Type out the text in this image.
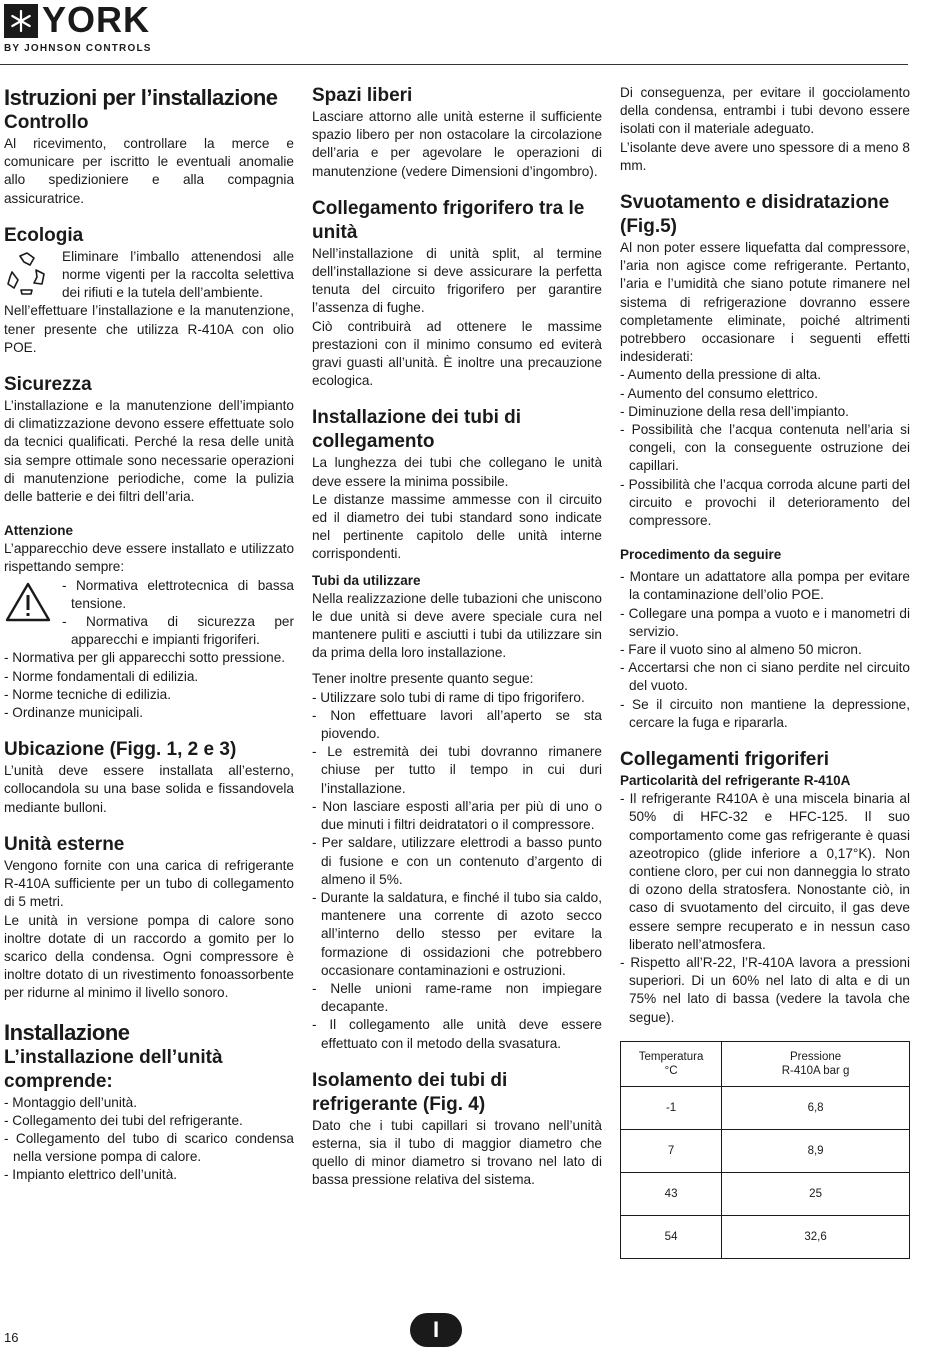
YORK
BY JOHNSON CONTROLS
Istruzioni per l’installazione
Controllo

Al ricevimento, controllare la merce e comunicare per iscritto le eventuali anomalie allo spedizioniere e alla compagnia assicuratrice.

Ecologia

Eliminare l’imballo attenendosi alle norme vigenti per la raccolta selettiva dei rifiuti e la tutela dell’ambiente.

Nell’effettuare l’installazione e la manutenzione, tener presente che utilizza R-410A con olio POE.

Sicurezza

L’installazione e la manutenzione dell’impianto di climatizzazione devono essere effettuate solo da tecnici qualificati. Perché la resa delle unità sia sempre ottimale sono necessarie operazioni di manutenzione periodiche, come la pulizia delle batterie e dei filtri dell’aria.

Attenzione

L’apparecchio deve essere installato e utilizzato rispettando sempre:

- Normativa elettrotecnica di bassa tensione.

- Normativa di sicurezza per apparecchi e impianti frigoriferi.

- Normativa per gli apparecchi sotto pressione.

- Norme fondamentali di edilizia.

- Norme tecniche di edilizia.

- Ordinanze municipali.

Ubicazione (Figg. 1, 2 e 3)

L’unità deve essere installata all’esterno, collocandola su una base solida e fissandovela mediante bulloni.

Unità esterne

Vengono fornite con una carica di refrigerante R-410A sufficiente per un tubo di collegamento di 5 metri.

Le unità in versione pompa di calore sono inoltre dotate di un raccordo a gomito per lo scarico della condensa. Ogni compressore è inoltre dotato di un rivestimento fonoassorbente per ridurne al minimo il livello sonoro.

Installazione
L’installazione dell’unità comprende:

- Montaggio dell’unità.

- Collegamento dei tubi del refrigerante.

- Collegamento del tubo di scarico condensa nella versione pompa di calore.

- Impianto elettrico dell’unità.

Spazi liberi

Lasciare attorno alle unità esterne il sufficiente spazio libero per non ostacolare la circolazione dell’aria e per agevolare le operazioni di manutenzione (vedere Dimensioni d’ingombro).

Collegamento frigorifero tra le unità

Nell’installazione di unità split, al termine dell’installazione si deve assicurare la perfetta tenuta del circuito frigorifero per garantire l’assenza di fughe.

Ciò contribuirà ad ottenere le massime prestazioni con il minimo consumo ed eviterà gravi guasti all’unità. È inoltre una precauzione ecologica.

Installazione dei tubi di collegamento

La lunghezza dei tubi che collegano le unità deve essere la minima possibile.

Le distanze massime ammesse con il circuito ed il diametro dei tubi standard sono indicate nel pertinente capitolo delle unità interne corrispondenti.

Tubi da utilizzare

Nella realizzazione delle tubazioni che uniscono le due unità si deve avere speciale cura nel mantenere puliti e asciutti i tubi da utilizzare sin da prima della loro installazione.

Tener inoltre presente quanto segue:

- Utilizzare solo tubi di rame di tipo frigorifero.

- Non effettuare lavori all’aperto se sta piovendo.

- Le estremità dei tubi dovranno rimanere chiuse per tutto il tempo in cui duri l’installazione.

- Non lasciare esposti all’aria per più di uno o due minuti i filtri deidratatori o il compressore.

- Per saldare, utilizzare elettrodi a basso punto di fusione e con un contenuto d’argento di almeno il 5%.

- Durante la saldatura, e finché il tubo sia caldo, mantenere una corrente di azoto secco all’interno dello stesso per evitare la formazione di ossidazioni che potrebbero occasionare contaminazioni e ostruzioni.

- Nelle unioni rame-rame non impiegare decapante.

- Il collegamento alle unità deve essere effettuato con il metodo della svasatura.

Isolamento dei tubi di refrigerante (Fig. 4)

Dato che i tubi capillari si trovano nell’unità esterna, sia il tubo di maggior diametro che quello di minor diametro si trovano nel lato di bassa pressione relativa del sistema.

Di conseguenza, per evitare il gocciolamento della condensa, entrambi i tubi devono essere isolati con il materiale adeguato.

L’isolante deve avere uno spessore di a meno 8 mm.

Svuotamento e disidratazione (Fig.5)

Al non poter essere liquefatta dal compressore, l’aria non agisce come refrigerante. Pertanto, l’aria e l’umidità che siano potute rimanere nel sistema di refrigerazione dovranno essere completamente eliminate, poiché altrimenti potrebbero occasionare i seguenti effetti indesiderati:

- Aumento della pressione di alta.

- Aumento del consumo elettrico.

- Diminuzione della resa dell’impianto.

- Possibilità che l’acqua contenuta nell’aria si congeli, con la conseguente ostruzione dei capillari.

- Possibilità che l’acqua corroda alcune parti del circuito e provochi il deterioramento del compressore.

Procedimento da seguire

- Montare un adattatore alla pompa per evitare la contaminazione dell’olio POE.

- Collegare una pompa a vuoto e i manometri di servizio.

- Fare il vuoto sino al almeno 50 micron.

- Accertarsi che non ci siano perdite nel circuito del vuoto.

- Se il circuito non mantiene la depressione, cercare la fuga e ripararla.

Collegamenti frigoriferi
Particolarità del refrigerante R-410A

- Il refrigerante R410A è una miscela binaria al 50% di HFC-32 e HFC-125. Il suo comportamento come gas refrigerante è quasi azeotropico (glide inferiore a 0,17°K). Non contiene cloro, per cui non danneggia lo strato di ozono della stratosfera. Nonostante ciò, in caso di svuotamento del circuito, il gas deve essere sempre recuperato e in nessun caso liberato nell’atmosfera.

- Rispetto all’R-22, l’R-410A lavora a pressioni superiori. Di un 60% nel lato di alta e di un 75% nel lato di bassa (vedere la tavola che segue).

Temperatura
°C	Pressione
R-410A bar g
-1	6,8
7	8,9
43	25
54	32,6
16	I
